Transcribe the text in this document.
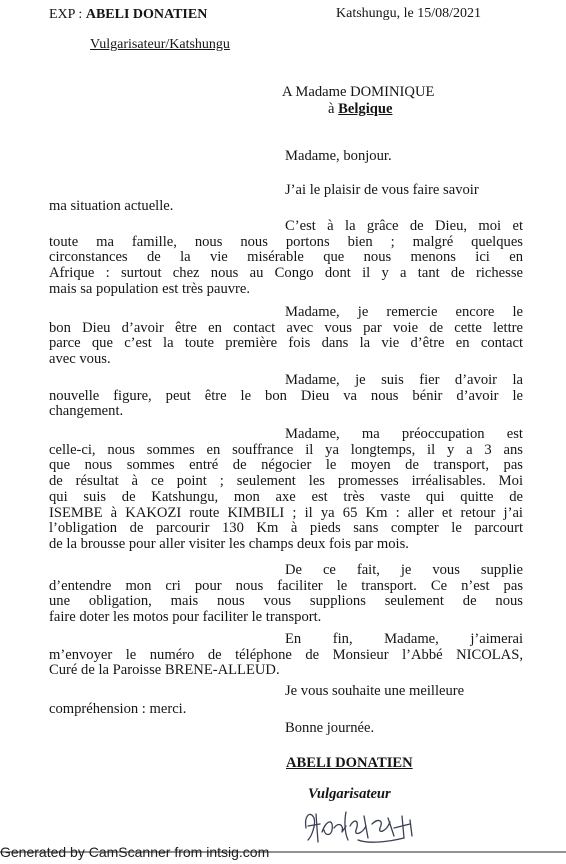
EXP : ABELI DONATIEN	Katshungu, le 15/08/2021
Vulgarisateur/Katshungu
A Madame DOMINIQUE
à Belgique
Madame, bonjour.
J’ai le plaisir de vous faire savoir
ma situation actuelle.
C’est à la grâce de Dieu, moi et
toute ma famille, nous nous portons bien ; malgré quelques
circonstances de la vie misérable que nous menons ici en
Afrique : surtout chez nous au Congo dont il y a tant de richesse
mais sa population est très pauvre.
Madame, je remercie encore le
bon Dieu d’avoir être en contact avec vous par voie de cette lettre
parce que c’est la toute première fois dans la vie d’être en contact
avec vous.
Madame, je suis fier d’avoir la
nouvelle figure, peut être le bon Dieu va nous bénir d’avoir le
changement.
Madame, ma préoccupation est
celle-ci, nous sommes en souffrance il ya longtemps, il y a 3 ans
que nous sommes entré de négocier le moyen de transport, pas
de résultat à ce point ; seulement les promesses irréalisables. Moi
qui suis de Katshungu, mon axe est très vaste qui quitte de
ISEMBE à KAKOZI route KIMBILI ; il ya 65 Km : aller et retour j’ai
l’obligation de parcourir 130 Km à pieds sans compter le parcourt
de la brousse pour aller visiter les champs deux fois par mois.
De ce fait, je vous supplie
d’entendre mon cri pour nous faciliter le transport. Ce n’est pas
une obligation, mais nous vous supplions seulement de nous
faire doter les motos pour faciliter le transport.
En fin, Madame, j’aimerai
m’envoyer le numéro de téléphone de Monsieur l’Abbé NICOLAS,
Curé de la Paroisse BRENE-ALLEUD.
Je vous souhaite une meilleure
compréhension : merci.
Bonne journée.
ABELI DONATIEN
Vulgarisateur
Generated by CamScanner from intsig.com
